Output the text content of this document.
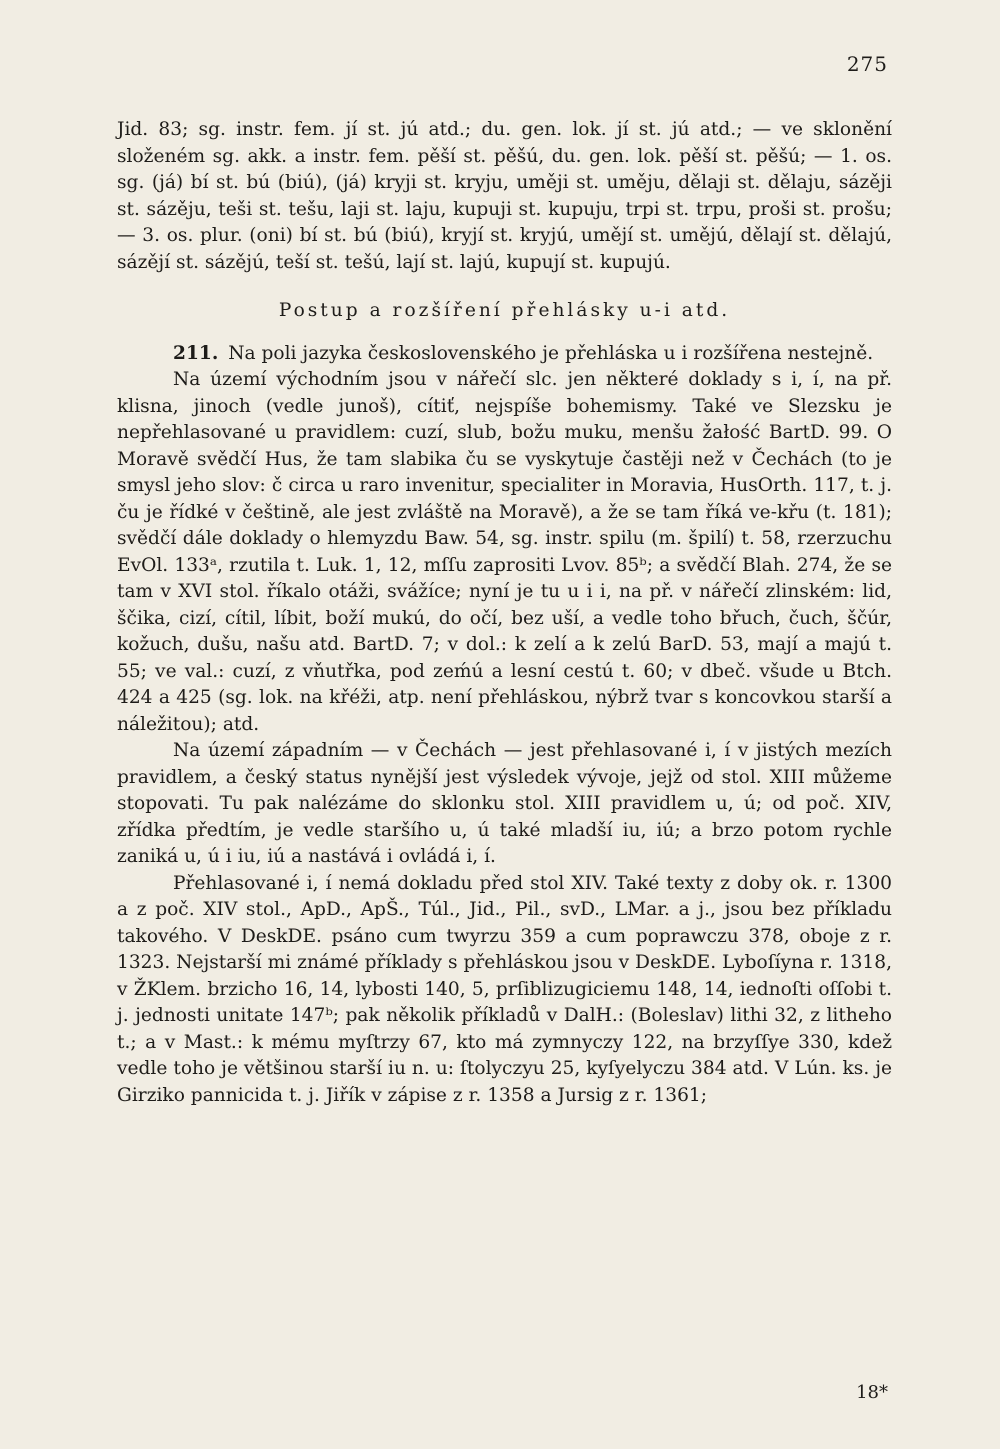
275

Jid. 83; sg. instr. fem. jí st. jú atd.; du. gen. lok. jí st. jú atd.; — ve sklonění složeném sg. akk. a instr. fem. pěší st. pěšú, du. gen. lok. pěší st. pěšú; — 1. os. sg. (já) bí st. bú (biú), (já) kryji st. kryju, uměji st. uměju, dělaji st. dělaju, sázěji st. sázěju, teši st. tešu, laji st. laju, kupuji st. kupuju, trpi st. trpu, proši st. prošu; — 3. os. plur. (oni) bí st. bú (biú), kryjí st. kryjú, umějí st. umějú, dělají st. dělajú, sázějí st. sázějú, teší st. tešú, lají st. lajú, kupují st. kupujú.

Postup a rozšíření přehlásky u-i atd.

211. Na poli jazyka československého je přehláska u i rozšířena nestejně.

Na území východním jsou v nářečí slc. jen některé doklady s i, í, na př. klisna, jinoch (vedle junoš), cítiť, nejspíše bohemismy. Také ve Slezsku je nepřehlasované u pravidlem: cuzí, slub, božu muku, menšu žałość BartD. 99. O Moravě svědčí Hus, že tam slabika ču se vyskytuje častěji než v Čechách (to je smysl jeho slov: č circa u raro invenitur, specialiter in Moravia, HusOrth. 117, t. j. ču je řídké v češtině, ale jest zvláště na Moravě), a že se tam říká ve-křu (t. 181); svědčí dále doklady o hlemyzdu Baw. 54, sg. instr. spilu (m. špilí) t. 58, rzerzuchu EvOl. 133ᵃ, rzutila t. Luk. 1, 12, mſſu zaprositi Lvov. 85ᵇ; a svědčí Blah. 274, že se tam v XVI stol. říkalo otáži, svážíce; nyní je tu u i i, na př. v nářečí zlinském: lid, ščika, cizí, cítil, líbit, boží mukú, do očí, bez uší, a vedle toho břuch, čuch, ščúr, kožuch, dušu, našu atd. BartD. 7; v dol.: k zelí a k zelú BarD. 53, mají a majú t. 55; ve val.: cuzí, z vňutřka, pod zeḿú a lesní cestú t. 60; v dbeč. všude u Btch. 424 a 425 (sg. lok. na křéži, atp. není přehláskou, nýbrž tvar s koncovkou starší a náležitou); atd.

Na území západním — v Čechách — jest přehlasované i, í v jistých mezích pravidlem, a český status nynější jest výsledek vývoje, jejž od stol. XIII můžeme stopovati. Tu pak nalézáme do sklonku stol. XIII pravidlem u, ú; od poč. XIV, zřídka předtím, je vedle staršího u, ú také mladší iu, iú; a brzo potom rychle zaniká u, ú i iu, iú a nastává i ovládá i, í.

Přehlasované i, í nemá dokladu před stol XIV. Také texty z doby ok. r. 1300 a z poč. XIV stol., ApD., ApŠ., Túl., Jid., Pil., svD., LMar. a j., jsou bez příkladu takového. V DeskDE. psáno cum twyrzu 359 a cum poprawczu 378, oboje z r. 1323. Nejstarší mi známé příklady s přehláskou jsou v DeskDE. Lyboſíyna r. 1318, v ŽKlem. brzicho 16, 14, lybosti 140, 5, prſiblizugiciemu 148, 14, iednoſti oſſobi t. j. jednosti unitate 147ᵇ; pak několik příkladů v DalH.: (Boleslav) lithi 32, z litheho t.; a v Mast.: k mému myſtrzy 67, kto má zymnyczy 122, na brzyſſye 330, kdež vedle toho je většinou starší iu n. u: ſtolyczyu 25, kyſyelyczu 384 atd. V Lún. ks. je Girziko pannicida t. j. Jiřík v zápise z r. 1358 a Jursig z r. 1361;

18*
